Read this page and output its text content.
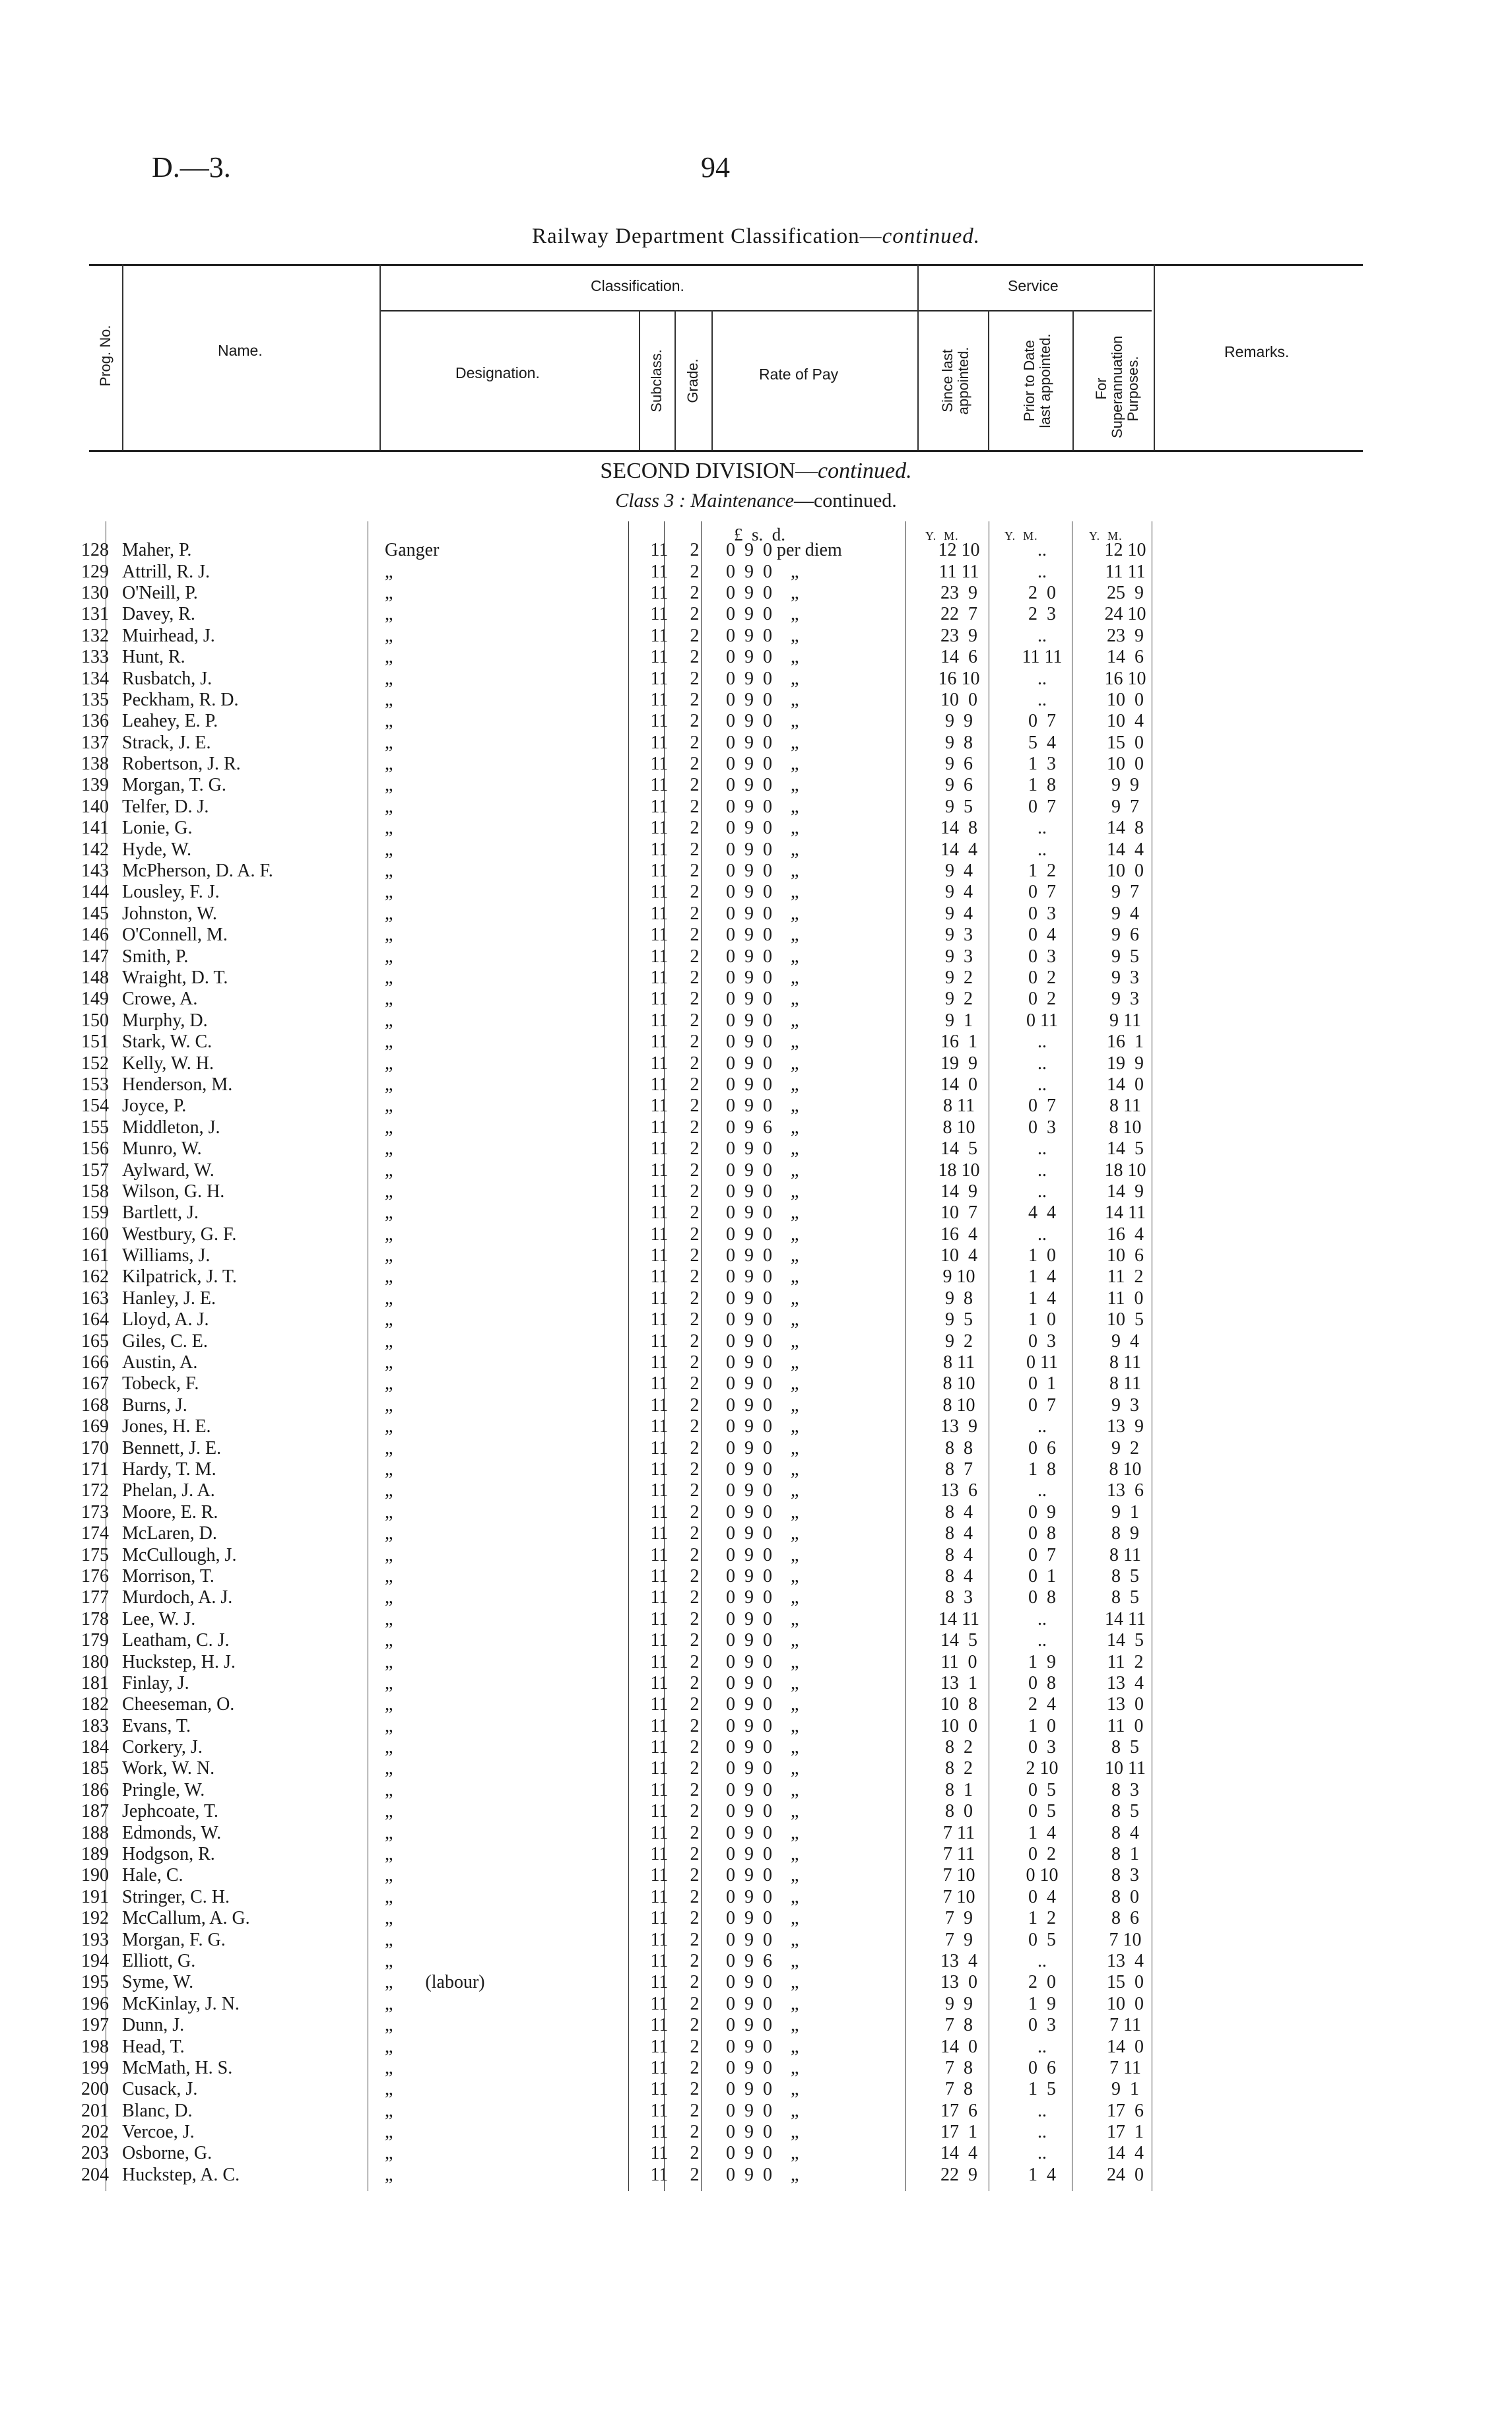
D.—3.	94
Railway Department Classification—continued.
Classification.	Service
Name.
Designation.	Rate of Pay
Remarks.
Prog. No.	Subclass. Grade.	Since last appointed.	Prior to Date last appointed.	For Superannuation Purposes.
SECOND DIVISION—continued.
Class 3 : Maintenance—continued.
£  s.  d.	Y.  M.	Y.  M.	Y.  M.
128	Maher, P.	Ganger	11	2	0  9  0 per diem	12 10	..	12 10	
129	Attrill, R. J.	„	11	2	0  9  0    „	11 11	..	11 11	
130	O'Neill, P.	„	11	2	0  9  0    „	23  9	2  0	25  9	
131	Davey, R.	„	11	2	0  9  0    „	22  7	2  3	24 10	
132	Muirhead, J.	„	11	2	0  9  0    „	23  9	..	23  9	
133	Hunt, R.	„	11	2	0  9  0    „	14  6	11 11	14  6	
134	Rusbatch, J.	„	11	2	0  9  0    „	16 10	..	16 10	
135	Peckham, R. D.	„	11	2	0  9  0    „	10  0	..	10  0	
136	Leahey, E. P.	„	11	2	0  9  0    „	9  9	0  7	10  4	
137	Strack, J. E.	„	11	2	0  9  0    „	9  8	5  4	15  0	
138	Robertson, J. R.	„	11	2	0  9  0    „	9  6	1  3	10  0	
139	Morgan, T. G.	„	11	2	0  9  0    „	9  6	1  8	9  9	
140	Telfer, D. J.	„	11	2	0  9  0    „	9  5	0  7	9  7	
141	Lonie, G.	„	11	2	0  9  0    „	14  8	..	14  8	
142	Hyde, W.	„	11	2	0  9  0    „	14  4	..	14  4	
143	McPherson, D. A. F.	„	11	2	0  9  0    „	9  4	1  2	10  0	
144	Lousley, F. J.	„	11	2	0  9  0    „	9  4	0  7	9  7	
145	Johnston, W.	„	11	2	0  9  0    „	9  4	0  3	9  4	
146	O'Connell, M.	„	11	2	0  9  0    „	9  3	0  4	9  6	
147	Smith, P.	„	11	2	0  9  0    „	9  3	0  3	9  5	
148	Wraight, D. T.	„	11	2	0  9  0    „	9  2	0  2	9  3	
149	Crowe, A.	„	11	2	0  9  0    „	9  2	0  2	9  3	
150	Murphy, D.	„	11	2	0  9  0    „	9  1	0 11	9 11	
151	Stark, W. C.	„	11	2	0  9  0    „	16  1	..	16  1	
152	Kelly, W. H.	„	11	2	0  9  0    „	19  9	..	19  9	
153	Henderson, M.	„	11	2	0  9  0    „	14  0	..	14  0	
154	Joyce, P.	„	11	2	0  9  0    „	8 11	0  7	8 11	
155	Middleton, J.	„	11	2	0  9  6    „	8 10	0  3	8 10	
156	Munro, W.	„	11	2	0  9  0    „	14  5	..	14  5	
157	Aylward, W.	„	11	2	0  9  0    „	18 10	..	18 10	
158	Wilson, G. H.	„	11	2	0  9  0    „	14  9	..	14  9	
159	Bartlett, J.	„	11	2	0  9  0    „	10  7	4  4	14 11	
160	Westbury, G. F.	„	11	2	0  9  0    „	16  4	..	16  4	
161	Williams, J.	„	11	2	0  9  0    „	10  4	1  0	10  6	
162	Kilpatrick, J. T.	„	11	2	0  9  0    „	9 10	1  4	11  2	
163	Hanley, J. E.	„	11	2	0  9  0    „	9  8	1  4	11  0	
164	Lloyd, A. J.	„	11	2	0  9  0    „	9  5	1  0	10  5	
165	Giles, C. E.	„	11	2	0  9  0    „	9  2	0  3	9  4	
166	Austin, A.	„	11	2	0  9  0    „	8 11	0 11	8 11	
167	Tobeck, F.	„	11	2	0  9  0    „	8 10	0  1	8 11	
168	Burns, J.	„	11	2	0  9  0    „	8 10	0  7	9  3	
169	Jones, H. E.	„	11	2	0  9  0    „	13  9	..	13  9	
170	Bennett, J. E.	„	11	2	0  9  0    „	8  8	0  6	9  2	
171	Hardy, T. M.	„	11	2	0  9  0    „	8  7	1  8	8 10	
172	Phelan, J. A.	„	11	2	0  9  0    „	13  6	..	13  6	
173	Moore, E. R.	„	11	2	0  9  0    „	8  4	0  9	9  1	
174	McLaren, D.	„	11	2	0  9  0    „	8  4	0  8	8  9	
175	McCullough, J.	„	11	2	0  9  0    „	8  4	0  7	8 11	
176	Morrison, T.	„	11	2	0  9  0    „	8  4	0  1	8  5	
177	Murdoch, A. J.	„	11	2	0  9  0    „	8  3	0  8	8  5	
178	Lee, W. J.	„	11	2	0  9  0    „	14 11	..	14 11	
179	Leatham, C. J.	„	11	2	0  9  0    „	14  5	..	14  5	
180	Huckstep, H. J.	„	11	2	0  9  0    „	11  0	1  9	11  2	
181	Finlay, J.	„	11	2	0  9  0    „	13  1	0  8	13  4	
182	Cheeseman, O.	„	11	2	0  9  0    „	10  8	2  4	13  0	
183	Evans, T.	„	11	2	0  9  0    „	10  0	1  0	11  0	
184	Corkery, J.	„	11	2	0  9  0    „	8  2	0  3	8  5	
185	Work, W. N.	„	11	2	0  9  0    „	8  2	2 10	10 11	
186	Pringle, W.	„	11	2	0  9  0    „	8  1	0  5	8  3	
187	Jephcoate, T.	„	11	2	0  9  0    „	8  0	0  5	8  5	
188	Edmonds, W.	„	11	2	0  9  0    „	7 11	1  4	8  4	
189	Hodgson, R.	„	11	2	0  9  0    „	7 11	0  2	8  1	
190	Hale, C.	„	11	2	0  9  0    „	7 10	0 10	8  3	
191	Stringer, C. H.	„	11	2	0  9  0    „	7 10	0  4	8  0	
192	McCallum, A. G.	„	11	2	0  9  0    „	7  9	1  2	8  6	
193	Morgan, F. G.	„	11	2	0  9  0    „	7  9	0  5	7 10	
194	Elliott, G.	„	11	2	0  9  6    „	13  4	..	13  4	
195	Syme, W.	„       (labour)	11	2	0  9  0    „	13  0	2  0	15  0	
196	McKinlay, J. N.	„	11	2	0  9  0    „	9  9	1  9	10  0	
197	Dunn, J.	„	11	2	0  9  0    „	7  8	0  3	7 11	
198	Head, T.	„	11	2	0  9  0    „	14  0	..	14  0	
199	McMath, H. S.	„	11	2	0  9  0    „	7  8	0  6	7 11	
200	Cusack, J.	„	11	2	0  9  0    „	7  8	1  5	9  1	
201	Blanc, D.	„	11	2	0  9  0    „	17  6	..	17  6	
202	Vercoe, J.	„	11	2	0  9  0    „	17  1	..	17  1	
203	Osborne, G.	„	11	2	0  9  0    „	14  4	..	14  4	
204	Huckstep, A. C.	„	11	2	0  9  0    „	22  9	1  4	24  0	
